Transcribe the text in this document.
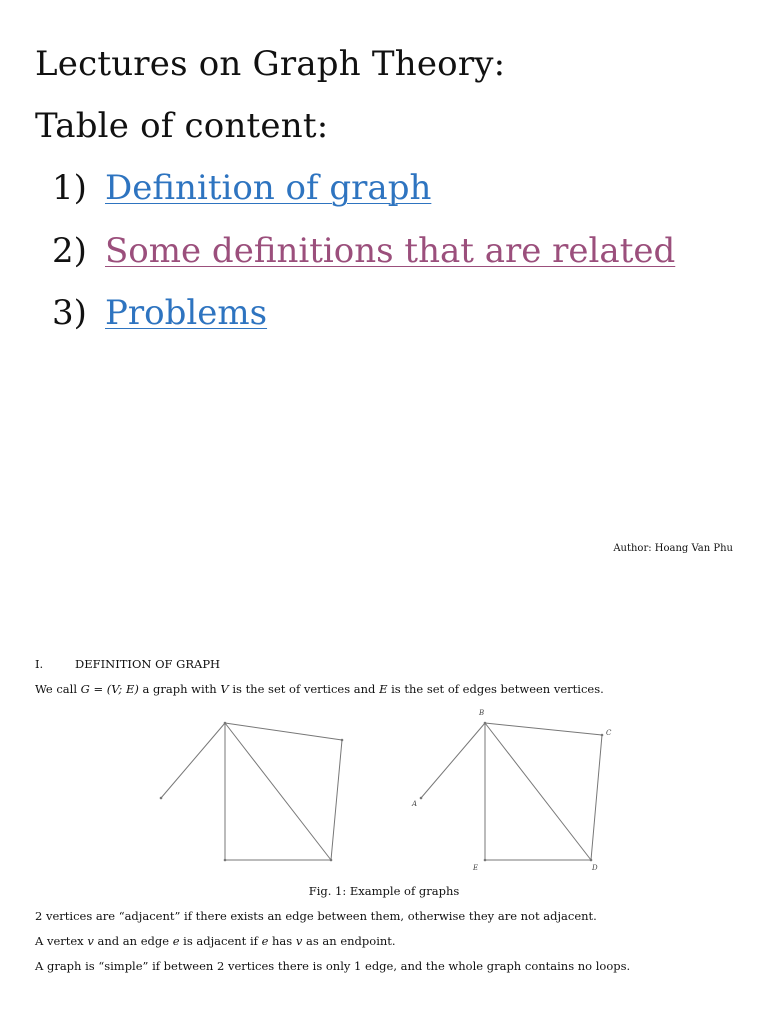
Lectures on Graph Theory:
Table of content:
1) Definition of graph
2) Some definitions that are related
3) Problems
Author: Hoang Van Phu
I.	DEFINITION OF GRAPH
We call G = (V; E) a graph with V is the set of vertices and E is the set of edges between vertices.
A
B
C
D
E
Fig. 1: Example of graphs
2 vertices are “adjacent” if there exists an edge between them, otherwise they are not adjacent.
A vertex v and an edge e is adjacent if e has v as an endpoint.
A graph is “simple” if between 2 vertices there is only 1 edge, and the whole graph contains no loops.
